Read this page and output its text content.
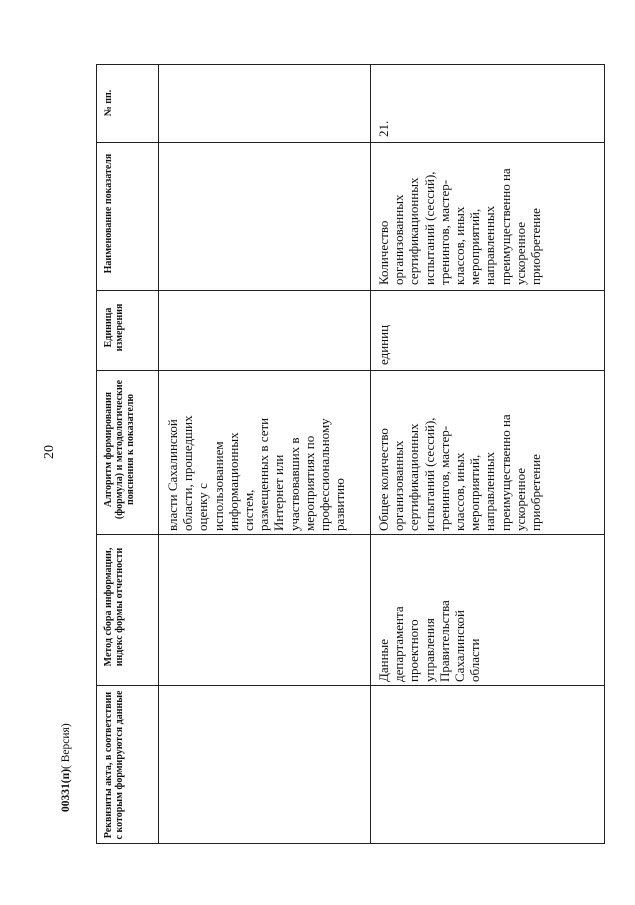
20
00331(п)( Версия)
№ пп.
Наименование показателя
Единица измерения
Алгоритм формирования (формула) и методологические пояснения к показателю
Метод сбора информации, индекс формы отчетности
Реквизиты акта, в соответствии с которым формируются данные

власти Сахалинской области, прошедших оценку с использованием информационных систем, размещенных в сети Интернет или участвовавших в мероприятиях по профессиональному развитию

21.

Количество организованных сертификационных испытаний (сессий), тренингов, мастер- классов, иных мероприятий, направленных преимущественно на ускоренное приобретение

единиц

Общее количество организованных сертификационных испытаний (сессий), тренингов, мастер- классов, иных мероприятий, направленных преимущественно на ускоренное приобретение

Данные департамента проектного управления Правительства Сахалинской области
